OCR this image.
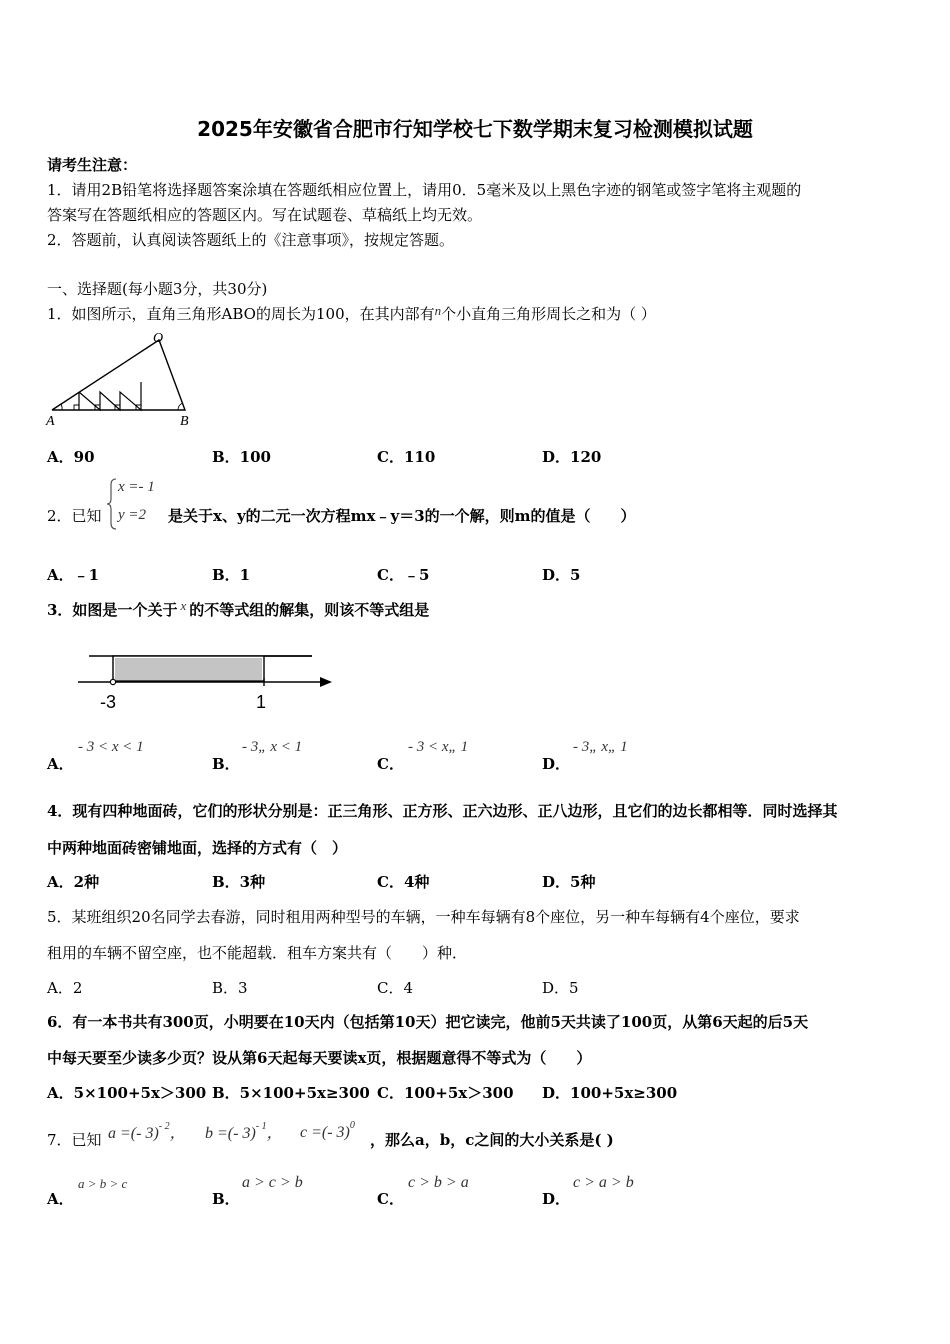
2025年安徽省合肥市行知学校七下数学期末复习检测模拟试题
请考生注意：
1．请用2B铅笔将选择题答案涂填在答题纸相应位置上，请用0．5毫米及以上黑色字迹的钢笔或签字笔将主观题的
答案写在答题纸相应的答题区内。写在试题卷、草稿纸上均无效。
2．答题前，认真阅读答题纸上的《注意事项》，按规定答题。
一、选择题(每小题3分，共30分)
1．如图所示，直角三角形ABO的周长为100，在其内部有n个小直角三角形周长之和为（ ）
O
A	B
A．90	B．100	C．110	D．120
2．已知
x =- 1
y =2 是关于x、y的二元一次方程mx﹣y＝3的一个解，则m的值是（　　）
A．﹣1	B．1	C．﹣5	D．5
3．如图是一个关于 x 的不等式组的解集，则该不等式组是
-3	1
A．
- 3 < x < 1
B．
- 3„ x < 1
C．
- 3 < x„ 1
D．
- 3„ x„ 1
4．现有四种地面砖，它们的形状分别是：正三角形、正方形、正六边形、正八边形，且它们的边长都相等．同时选择其
中两种地面砖密铺地面，选择的方式有（　）
A．2种	B．3种	C．4种	D．5种
5．某班组织20名同学去春游，同时租用两种型号的车辆，一种车每辆有8个座位，另一种车每辆有4个座位，要求
租用的车辆不留空座，也不能超载．租车方案共有（　　）种．
A．2	B．3	C．4	D．5
6．有一本书共有300页，小明要在10天内（包括第10天）把它读完，他前5天共读了100页，从第6天起的后5天
中每天要至少读多少页？设从第6天起每天要读x页，根据题意得不等式为（　　）
A．5×100+5x＞300 B．5×100+5x≥300 C．100+5x＞300 D．100+5x≥300
7．已知 a =(- 3)$^{- 2}$， b =(- 3)$^{- 1}$， c =(- 3)$^0$
，那么a，b，c之间的大小关系是( )
A．
a > b > c
B．
a > c > b
C．
c > b > a
D．
c > a > b
